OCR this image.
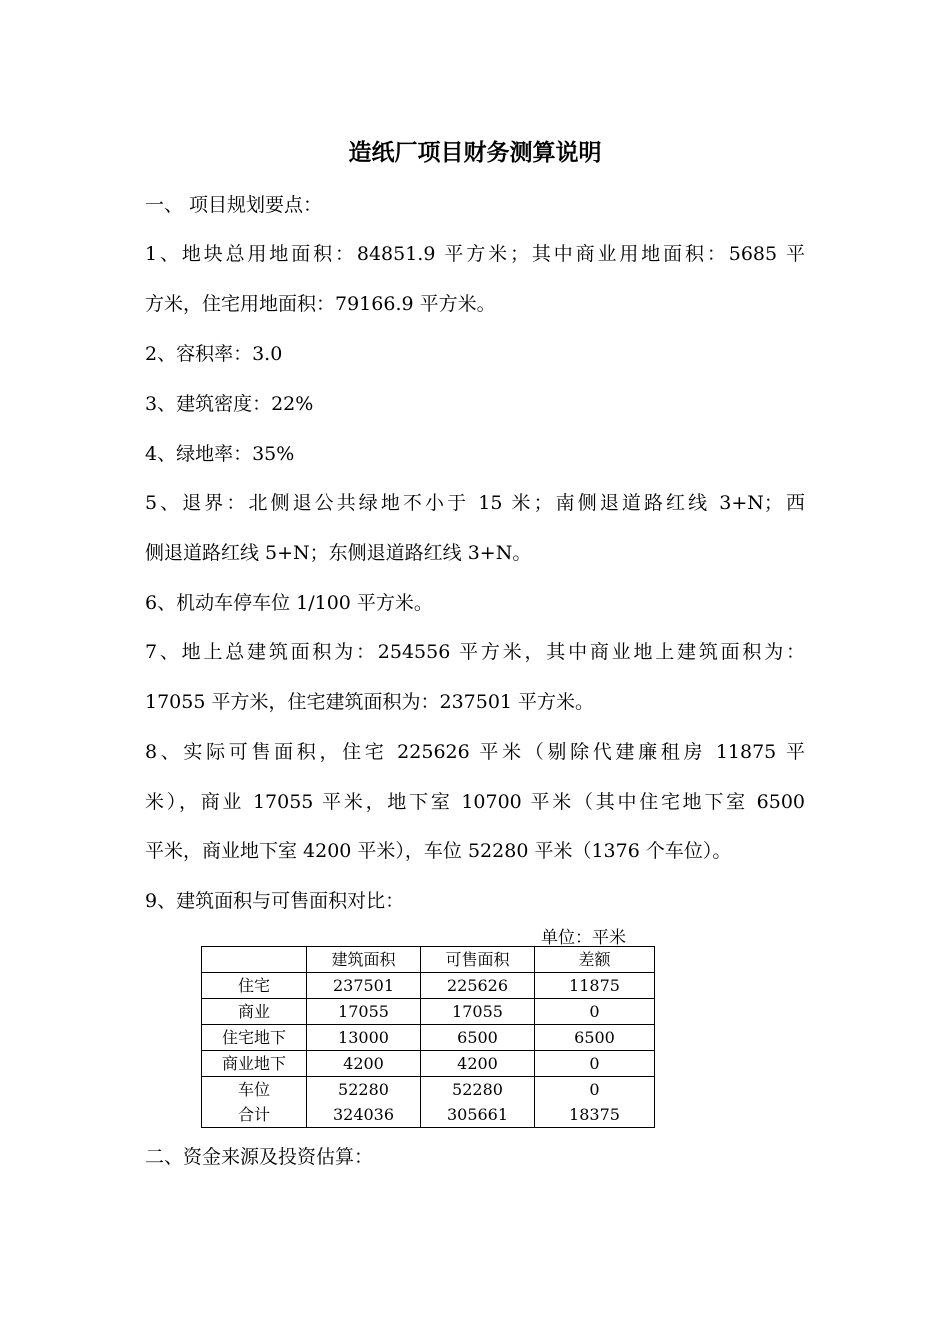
造纸厂项目财务测算说明
一、 项目规划要点：
1、地块总用地面积：84851.9 平方米；其中商业用地面积：5685 平
方米，住宅用地面积：79166.9 平方米。
2、容积率：3.0
3、建筑密度：22%
4、绿地率：35%
5、退界：北侧退公共绿地不小于 15 米；南侧退道路红线 3+N；西
侧退道路红线 5+N；东侧退道路红线 3+N。
6、机动车停车位 1/100 平方米。
7、地上总建筑面积为：254556 平方米，其中商业地上建筑面积为：
17055 平方米，住宅建筑面积为：237501 平方米。
8、实际可售面积，住宅 225626 平米（剔除代建廉租房 11875 平
米），商业 17055 平米，地下室 10700 平米（其中住宅地下室 6500
平米，商业地下室 4200 平米），车位 52280 平米（1376 个车位）。
9、建筑面积与可售面积对比：
单位：平米
	建筑面积	可售面积	差额
住宅	237501	225626	11875
商业	17055	17055	0
住宅地下	13000	6500	6500
商业地下	4200	4200	0
车位	52280	52280	0
合计	324036	305661	18375
二、资金来源及投资估算：
